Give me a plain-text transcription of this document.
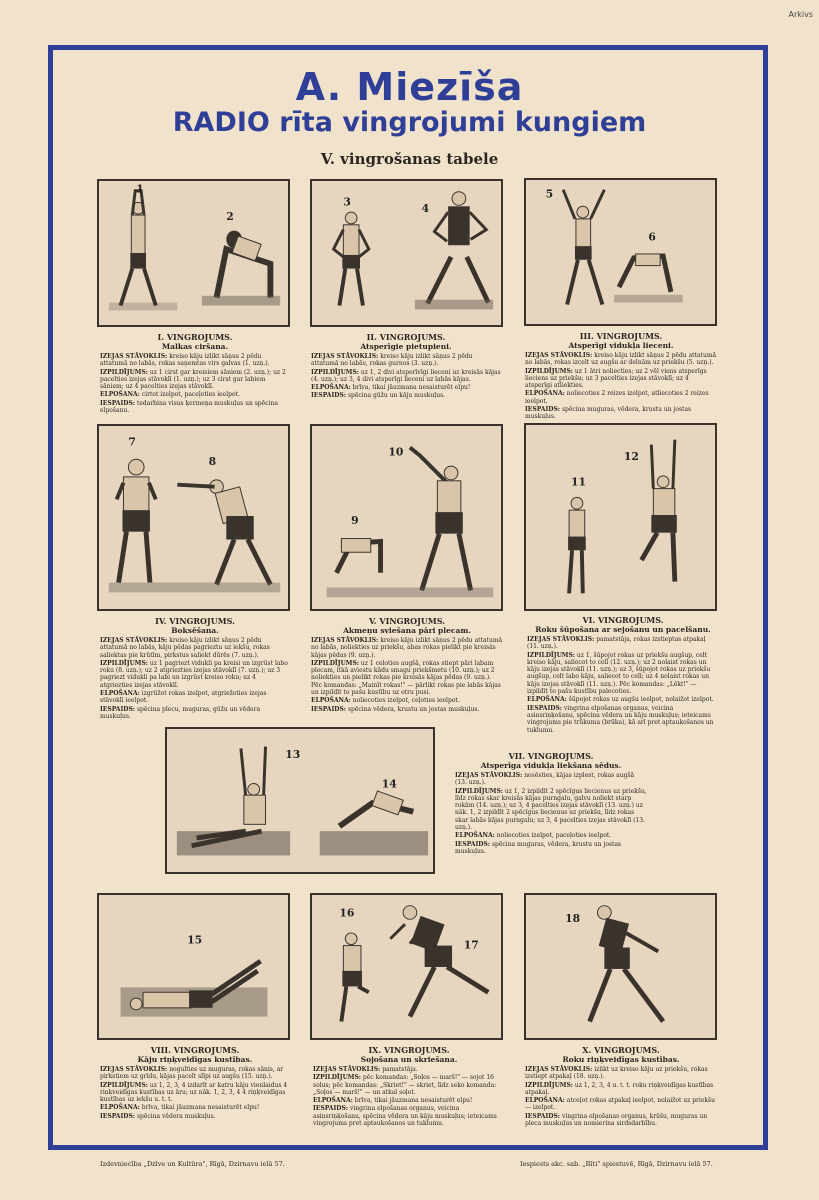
Arkivs
A. Miezīša
RADIO rīta vingrojumi kungiem
V. vingrošanas tabele
1
2
3
4
5
6
7
8
10
9
12
11
13
14
15
16
17
18
I. VINGROJUMS.
Malkas ciršana.
IZEJAS STĀVOKLIS: kreiso kāju izlikt sāņus 2 pēdu attatumā no labās, rokas saņemtas virs galvas (1. uzņ.).
IZPILDĪJUMS: uz 1 cirst gar kreisiem sāniem (2. uzņ.); uz 2 pacelties izejas stāvoklī (1. uzņ.); uz 3 cirst gar labiem sāniem; uz 4 pacelties izejas stāvoklī.
ELPOŠANA: cirtot izelpot, paceļoties ieelpot.
IESPAIDS: tedarbina visus ķermeņa muskuļus un spēcina elpošanu.
II. VINGROJUMS.
Atsperīgie pietupieni.
IZEJAS STĀVOKLIS: kreiso kāju izlikt sāņus 2 pēdu attatumā no labās, rokas gurnos (3. uzņ.).
IZPILDĪJUMS: uz 1, 2 divi atsperīvīgi lieceni uz kreisās kājas (4. uzņ.); uz 3, 4 divi atsperīgi lieceni uz labās kājas.
ELPOŠANA: brīva, tikai jāuzmana nesaisturēt elpu!
IESPAIDS: spēcina gūžu un kāju muskuļus.
III. VINGROJUMS.
Atsperīgi vidukļa lieceni.
IZEJAS STĀVOKLIS: kreiso kāju izlikt sāņus 2 pēdu attatumā no labās, rokas izcelt uz augšu ar delnām uz priekšu (5. uzņ.).
IZPILDĪJUMS: uz 1 ātri noliecties; uz 2 vēl viens atsperīgs lieciens uz priekšu; uz 3 pacelties izejas stāvoklī; uz 4 atsperīgi atliekties.
ELPOŠANA: noliecoties 2 reizes izelpot, atliecoties 2 reizes ieelpot.
IESPAIDS: spēcina muguras, vēdera, krustu un jostas muskuļus.
IV. VINGROJUMS.
Boksēšana.
IZEJAS STĀVOKLIS: kreiso kāju izlikt sāņus 2 pēdu attatumā no labās, kāju pēdas pagrieztu uz iekšu, rokas saliektas pie krūtīm, pirkstus saliekt dūrēs (7. uzņ.).
IZPILDĪJUMS: uz 1 pagriezt vidukli pa kreisi un izgrūst labo roku (8. uzņ.); uz 2 atgriezties izejas stāvoklī (7. uzņ.); uz 3 pagriezt vidukli pa labi un izgrūst kreiso roku; uz 4 atgriezties izejas stāvoklī.
ELPOŠANA: izgrūžot rokas izelpot, atgriežoties izejas stāvoklī ieelpot.
IESPAIDS: spēcina plecu, muguras, gūžu un vēdera muskuļus.
V. VINGROJUMS.
Akmeņu sviešana pāri plecam.
IZEJAS STĀVOKLIS: kreiso kāju izlikt sāņus 2 pēdu attatumā no labās, noliekties uz priekšu, abas rokas pielikt pie kreisās kājas pēdas (9. uzņ.).
IZPILDĪJUMS: uz 1 celoties augšā, rokas stiept pāri labam plecam, itkā aviestu kādu smagu priekšmetu (10. uzņ.); uz 2 noliekties un pielikt rokas pie kreisās kājas pēdas (9. uzņ.). Pēc komandas: „Mainīt rokas!" — pārlikt rokas pie labās kājas un izpildīt to pašu kustību uz otru pusi.
ELPOŠANA: noliecoties izelpot, ceļoties ieelpot.
IESPAIDS: spēcina vēdera, krustu un jostas muskuļus.
VI. VINGROJUMS.
Roku šūpošana ar sejošanu un pacelšanu.
IZEJAS STĀVOKLIS: pamatstāja, rokas izstieptas atpakaļ (11. uzņ.).
IZPILDĪJUMS: uz 1, šūpojot rokas uz priekšu augšup, celt kreiso kāju, saliecot to celī (12. uzņ.); uz 2 nolaist rokas un kāju izejas stāvoklī (11. uzņ.); uz 3, šūpojot rokas uz priekšu augšup, celt labo kāju, saliecot to celī; uz 4 nolaist rokas un kāju izejas stāvoklī (11. uzņ.). Pēc komandas: „Lēkt!" — izpildīt to pašu kustību palecoties.
ELPOŠANA: šūpojot rokas uz augšu ieelpot, nolaižot izelpot.
IESPAIDS: vingrina elpošanas organus, veicina asinsriņķošanu, spēcina vēdera un kāju muskuļus; ieteicams vingrojums pie trūkuma (brūka), kā arī pret aptaukošanos un tuklumu.
VII. VINGROJUMS.
Atsperīga vidukļa liekšana sēdus.
IZEJAS STĀVOKLIS: nosēsties, kājas izplest, rokas augšā (13. uzņ.).
IZPILDĪJUMS: uz 1, 2 izpildīt 2 spēcīgus liecienus uz priekšu, līdz rokas skar kreisās kājas purngalu, galvu noliekt starp rokām (14. uzņ.); uz 3, 4 pacelties izejas stāvoklī (13. uzņ.) uz nāk. 1, 2 izpildīt 2 spēcīgus liecienus uz priekšu, līdz rokas skar labās kājas purngalu; uz 3, 4 pacelties izejas stāvoklī (13. uzņ.).
ELPOŠANA: noliecoties izelpot, paceļoties ieelpot.
IESPAIDS: spēcina muguras, vēdera, krustu un jostas muskuļus.
VIII. VINGROJUMS.
Kāju riņķveidīgas kustības.
IZEJAS STĀVOKLIS: nogulties uz muguras, rokas sānis, ar pirkstiem uz grīdu, kājas pacelt slīpi uz augšu (15. uzņ.).
IZPILDĪJUMS: uz 1, 2, 3, 4 izdarīt ar katru kāju vienlaidus 4 riņķveidīgas kustības uz āru; uz nāk. 1, 2, 3, 4 4 riņķveidīgas kustības uz iekšu u. t. t.
ELPOŠANA: brīva, tikai jāuzmana nesaisturēt elpu!
IESPAIDS: spēcina vēdera muskuļus.
IX. VINGROJUMS.
Sojošana un skriešana.
IZEJAS STĀVOKLIS: pamatstāja.
IZPILDĪJUMS: pēc komandas: „Soļos — marš!" — sojot 16 solus; pēc komandas: „Skriet!" — skriet, līdz seko komanda: „Soļos — marš!" — un atkal soļot.
ELPOŠANA: brīva, tikai jāuzmana nesaisturēt elpu!
IESPAIDS: vingrina elpošanas organus, veicina asinsriņķošanu, spēcina vēdera un kāju muskuļus; ieteicams vingrojums pret aptaukošanos un tuklumu.
X. VINGROJUMS.
Roku riņķveidīgas kustības.
IZEJAS STĀVOKLIS: izlikt uz kreiso kāju uz priekšu, rokas izstiept atpakaļ (18. uzņ.).
IZPILDĪJUMS: uz 1, 2, 3, 4 u. t. t. roku riņķveidīgas kustības atpakaļ.
ELPOŠANA: atceļot rokas atpakaļ ieelpot, nolaižot uz priekšu — izelpot.
IESPAIDS: vingrina elpošanas organus, krūšu, muguras un pleca muskuļus un nomierina sirdsdarbību.
Izdevniecība „Dzīve un Kultūra", Rīgā, Dzirnavu ielā 57.	Iespiests akc. sab. „Rīti" spiestuvē, Rīgā, Dzirnavu ielā 57.
